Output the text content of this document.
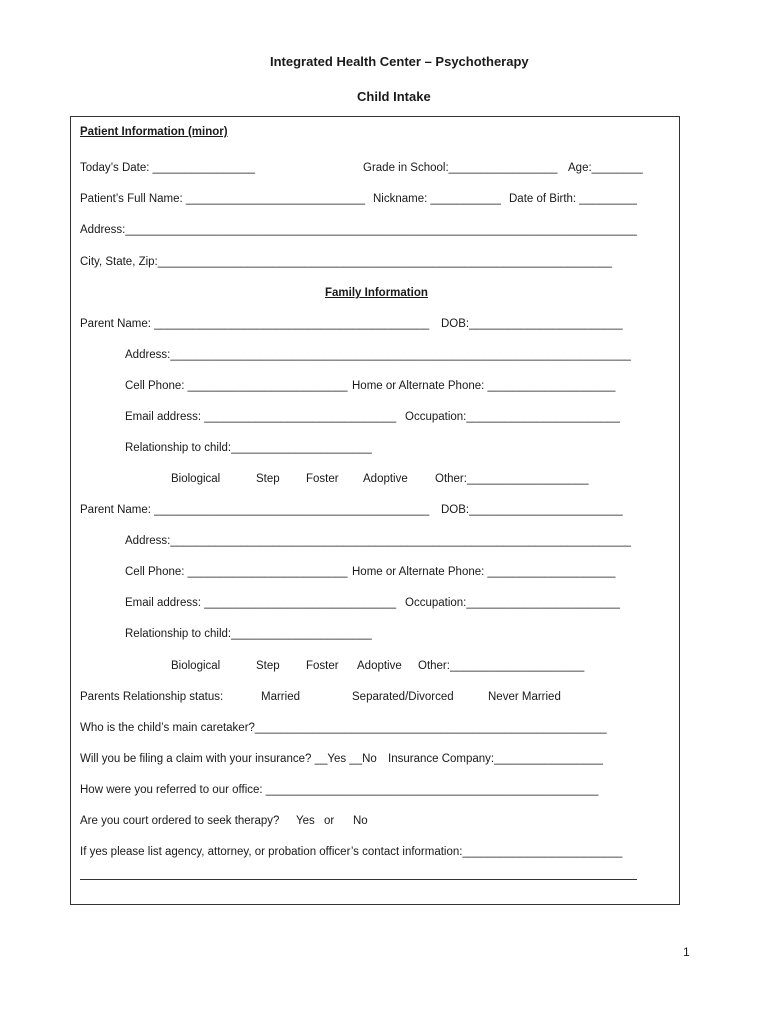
Integrated Health Center – Psychotherapy
Child Intake
Patient Information (minor)
Today’s Date: ________________	Grade in School:_________________ Age:________
Patient’s Full Name: ____________________________ Nickname: ___________ Date of Birth: _________
Address:________________________________________________________________________________
City, State, Zip:_______________________________________________________________________
Family Information
Parent Name: ___________________________________________ DOB:________________________
Address:________________________________________________________________________
Cell Phone: _________________________ Home or Alternate Phone: ____________________
Email address: ______________________________ Occupation:________________________
Relationship to child:______________________
Biological	Step Foster Adoptive Other:___________________
Parent Name: ___________________________________________ DOB:________________________
Address:________________________________________________________________________
Cell Phone: _________________________ Home or Alternate Phone: ____________________
Email address: ______________________________ Occupation:________________________
Relationship to child:______________________
Biological	Step Foster Adoptive Other:_____________________
Parents Relationship status:	Married	Separated/Divorced	Never Married
Who is the child’s main caretaker?_______________________________________________________
Will you be filing a claim with your insurance? __Yes __No Insurance Company:_________________
How were you referred to our office: ____________________________________________________
Are you court ordered to seek therapy? Yes or No
If yes please list agency, attorney, or probation officer’s contact information:_________________________
1
